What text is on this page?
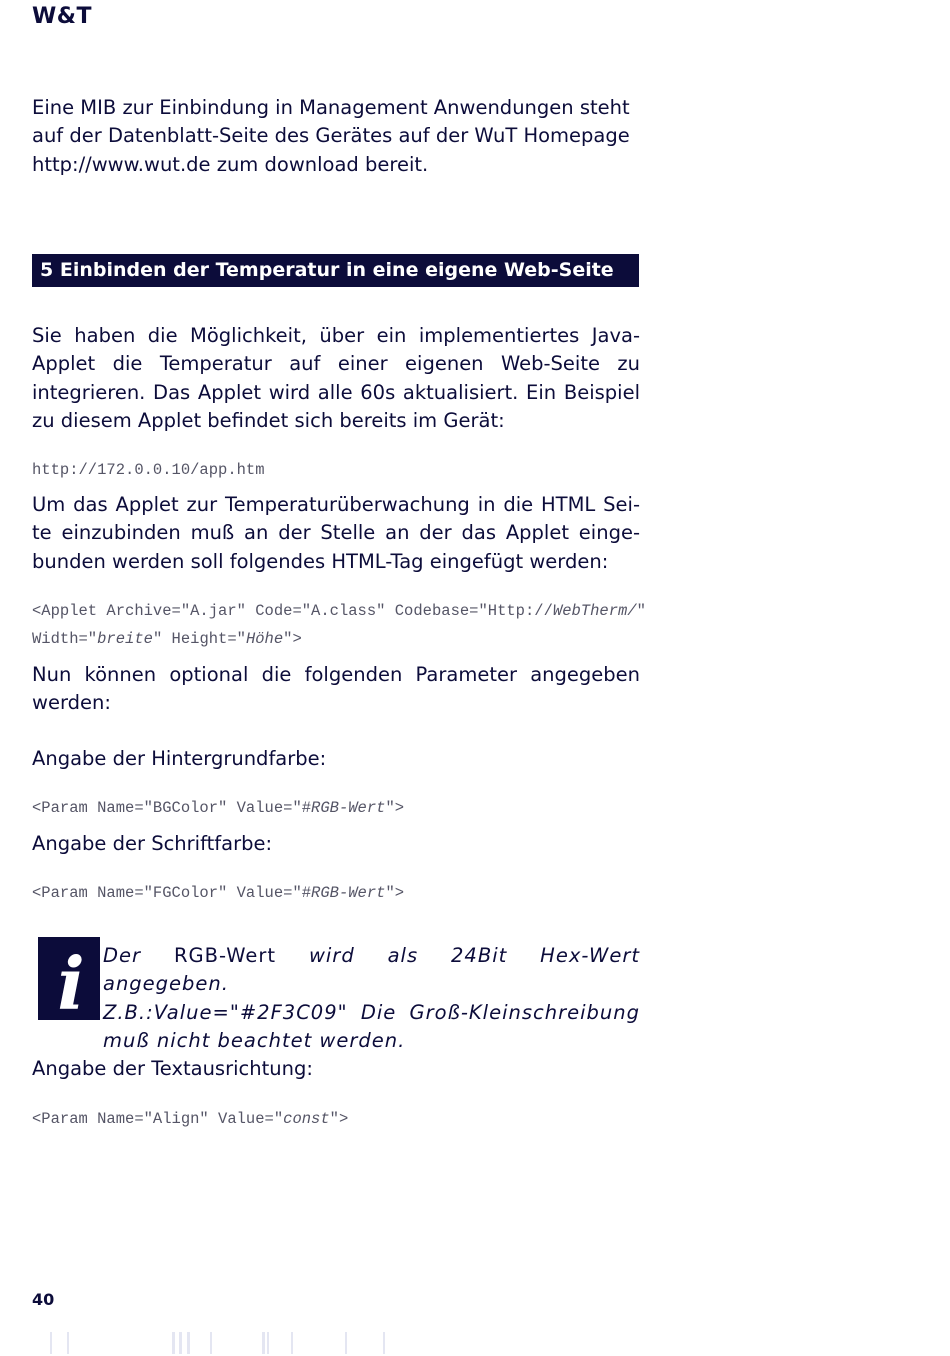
W&T
Eine MIB zur Einbindung in Management Anwendungen steht
auf der Datenblatt-Seite des Gerätes auf der WuT Homepage
http://www.wut.de zum download bereit.
5 Einbinden der Temperatur in eine eigene Web-Seite
Sie haben die Möglichkeit, über ein implementiertes Java-
Applet die Temperatur auf einer eigenen Web-Seite zu
integrieren. Das Applet wird alle 60s aktualisiert. Ein Beispiel
zu diesem Applet befindet sich bereits im Gerät:
http://172.0.0.10/app.htm
Um das Applet zur Temperaturüberwachung in die HTML Sei-
te einzubinden muß an der Stelle an der das Applet einge-
bunden werden soll folgendes HTML-Tag eingefügt werden:
<Applet Archive="A.jar" Code="A.class" Codebase="Http://WebTherm/"
Width="breite" Height="Höhe">
Nun können optional die folgenden Parameter angegeben
werden:
Angabe der Hintergrundfarbe:
<Param Name="BGColor" Value="#RGB-Wert">
Angabe der Schriftfarbe:
<Param Name="FGColor" Value="#RGB-Wert">
i Der RGB-Wert wird als 24Bit Hex-Wert angegeben.
Z.B.:Value="#2F3C09" Die Groß-Kleinschreibung
muß nicht beachtet werden.
Angabe der Textausrichtung:
<Param Name="Align" Value="const">
40
